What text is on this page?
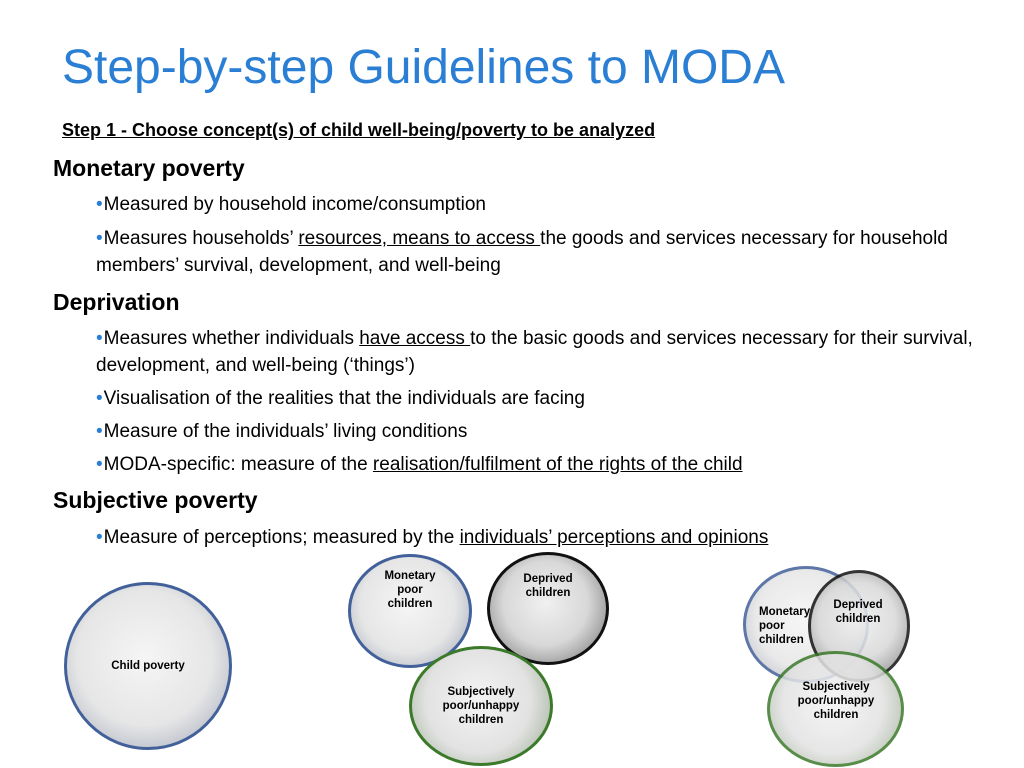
Step-by-step Guidelines to MODA
Step 1 - Choose concept(s) of child well-being/poverty to be analyzed
Monetary poverty
•Measured by household income/consumption
•Measures households’ resources, means to access the goods and services necessary for household members’ survival, development, and well-being
Deprivation
•Measures whether individuals have access to the basic goods and services necessary for their survival, development, and well-being (‘things’)
•Visualisation of the realities that the individuals are facing
•Measure of the individuals’ living conditions
•MODA-specific: measure of the realisation/fulfilment of the rights of the child
Subjective poverty
•Measure of perceptions; measured by the individuals’ perceptions and opinions
Child poverty
Monetary poor children
Deprived children
Subjectively poor/unhappy children
Monetary poor children
Deprived children
Subjectively poor/unhappy children
